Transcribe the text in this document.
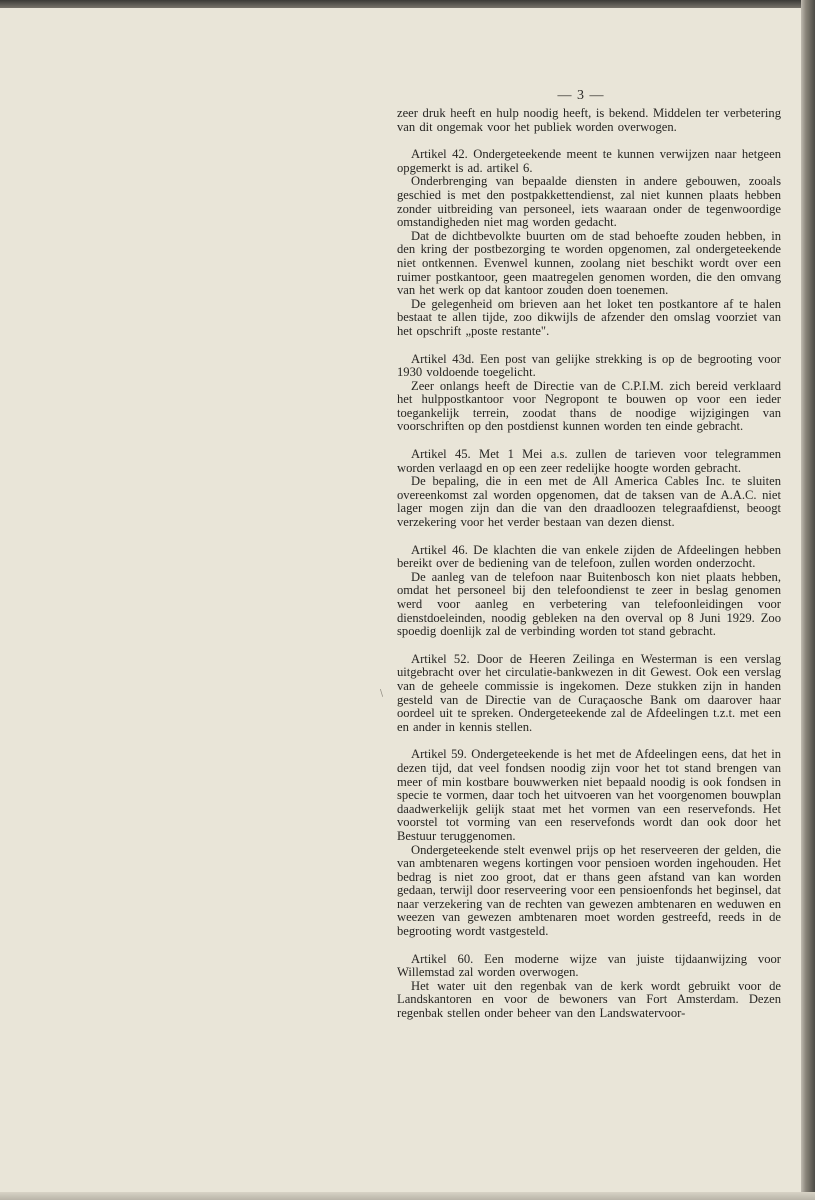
— 3 —
\

zeer druk heeft en hulp noodig heeft, is bekend. Middelen ter verbetering van dit ongemak voor het publiek worden overwogen.

Artikel 42. Ondergeteekende meent te kunnen verwijzen naar hetgeen opgemerkt is ad. artikel 6.

Onderbrenging van bepaalde diensten in andere gebouwen, zooals geschied is met den postpakkettendienst, zal niet kunnen plaats hebben zonder uitbreiding van personeel, iets waaraan onder de tegenwoordige omstandigheden niet mag worden gedacht.

Dat de dichtbevolkte buurten om de stad behoefte zouden hebben, in den kring der postbezorging te worden opgenomen, zal ondergeteekende niet ontkennen. Evenwel kunnen, zoolang niet beschikt wordt over een ruimer postkantoor, geen maatregelen genomen worden, die den omvang van het werk op dat kantoor zouden doen toenemen.

De gelegenheid om brieven aan het loket ten postkantore af te halen bestaat te allen tijde, zoo dikwijls de afzender den omslag voorziet van het opschrift „poste restante".

Artikel 43d. Een post van gelijke strekking is op de begrooting voor 1930 voldoende toegelicht.

Zeer onlangs heeft de Directie van de C.P.I.M. zich bereid verklaard het hulppostkantoor voor Negropont te bouwen op voor een ieder toegankelijk terrein, zoodat thans de noodige wijzigingen van voorschriften op den postdienst kunnen worden ten einde gebracht.

Artikel 45. Met 1 Mei a.s. zullen de tarieven voor telegrammen worden verlaagd en op een zeer redelijke hoogte worden gebracht.

De bepaling, die in een met de All America Cables Inc. te sluiten overeenkomst zal worden opgenomen, dat de taksen van de A.A.C. niet lager mogen zijn dan die van den draadloozen telegraafdienst, beoogt verzekering voor het verder bestaan van dezen dienst.

Artikel 46. De klachten die van enkele zijden de Afdeelingen hebben bereikt over de bediening van de telefoon, zullen worden onderzocht.

De aanleg van de telefoon naar Buitenbosch kon niet plaats hebben, omdat het personeel bij den telefoondienst te zeer in beslag genomen werd voor aanleg en verbetering van telefoonleidingen voor dienstdoeleinden, noodig gebleken na den overval op 8 Juni 1929. Zoo spoedig doenlijk zal de verbinding worden tot stand gebracht.

Artikel 52. Door de Heeren Zeilinga en Westerman is een verslag uitgebracht over het circulatie-bankwezen in dit Gewest. Ook een verslag van de geheele commissie is ingekomen. Deze stukken zijn in handen gesteld van de Directie van de Curaçaosche Bank om daarover haar oordeel uit te spreken. Ondergeteekende zal de Afdeelingen t.z.t. met een en ander in kennis stellen.

Artikel 59. Ondergeteekende is het met de Afdeelingen eens, dat het in dezen tijd, dat veel fondsen noodig zijn voor het tot stand brengen van meer of min kostbare bouwwerken niet bepaald noodig is ook fondsen in specie te vormen, daar toch het uitvoeren van het voorgenomen bouwplan daadwerkelijk gelijk staat met het vormen van een reservefonds. Het voorstel tot vorming van een reservefonds wordt dan ook door het Bestuur teruggenomen.

Ondergeteekende stelt evenwel prijs op het reserveeren der gelden, die van ambtenaren wegens kortingen voor pensioen worden ingehouden. Het bedrag is niet zoo groot, dat er thans geen afstand van kan worden gedaan, terwijl door reserveering voor een pensioenfonds het beginsel, dat naar verzekering van de rechten van gewezen ambtenaren en weduwen en weezen van gewezen ambtenaren moet worden gestreefd, reeds in de begrooting wordt vastgesteld.

Artikel 60. Een moderne wijze van juiste tijdaanwijzing voor Willemstad zal worden overwogen.

Het water uit den regenbak van de kerk wordt gebruikt voor de Landskantoren en voor de bewoners van Fort Amsterdam. Dezen regenbak stellen onder beheer van den Landswatervoor-
